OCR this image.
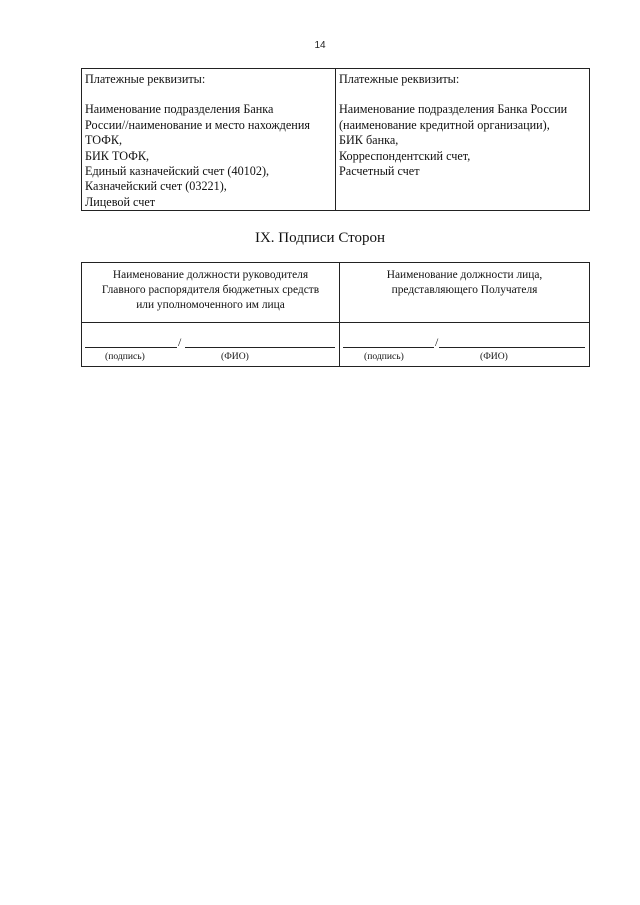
14
Платежные реквизиты:
Наименование подразделения Банка
России//наименование и место нахождения
ТОФК,
БИК ТОФК,
Единый казначейский счет (40102),
Казначейский счет (03221),
Лицевой счет
Платежные реквизиты:
Наименование подразделения Банка России
(наименование кредитной организации),
БИК банка,
Корреспондентский счет,
Расчетный счет
IX. Подписи Сторон
Наименование должности руководителя
Главного распорядителя бюджетных средств
или уполномоченного им лица
Наименование должности лица,
представляющего Получателя
/
(подпись)	(ФИО)
/
(подпись)	(ФИО)
